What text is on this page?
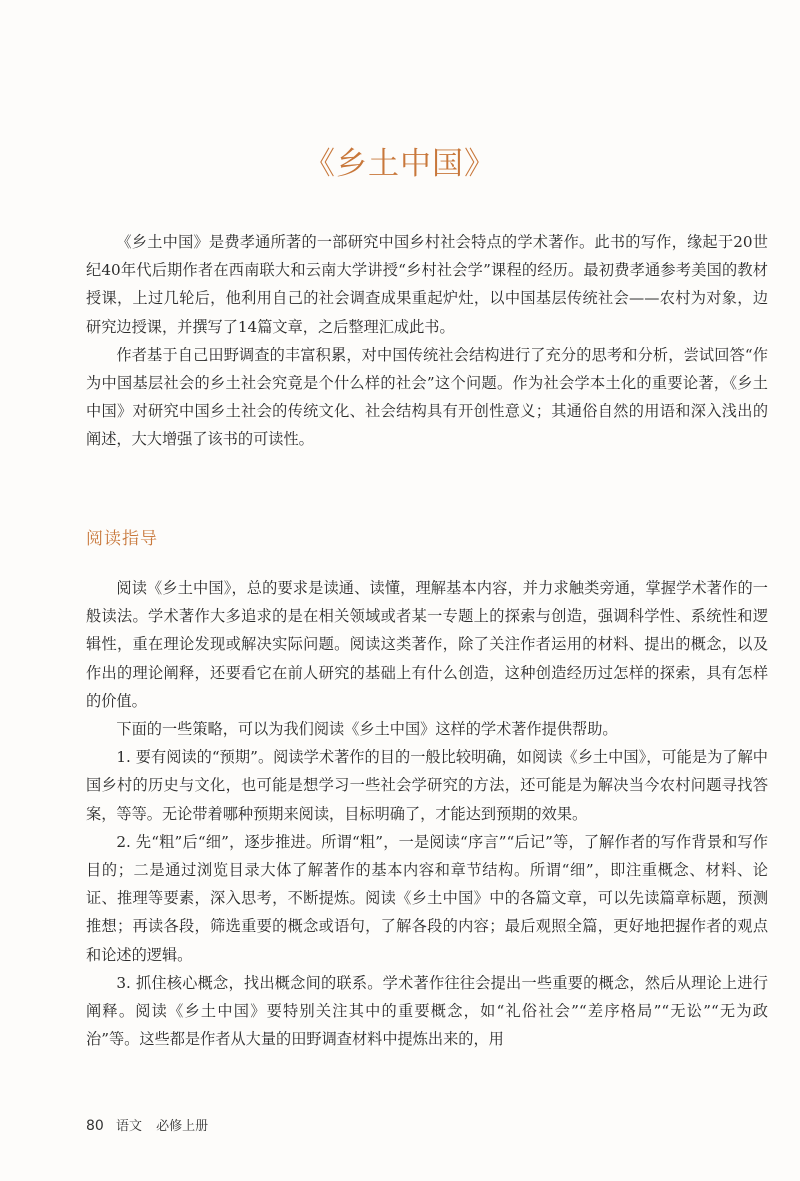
《乡土中国》

《乡土中国》是费孝通所著的一部研究中国乡村社会特点的学术著作。此书的写作，缘起于20世纪40年代后期作者在西南联大和云南大学讲授“乡村社会学”课程的经历。最初费孝通参考美国的教材授课，上过几轮后，他利用自己的社会调查成果重起炉灶，以中国基层传统社会——农村为对象，边研究边授课，并撰写了14篇文章，之后整理汇成此书。

作者基于自己田野调查的丰富积累，对中国传统社会结构进行了充分的思考和分析，尝试回答“作为中国基层社会的乡土社会究竟是个什么样的社会”这个问题。作为社会学本土化的重要论著，《乡土中国》对研究中国乡土社会的传统文化、社会结构具有开创性意义；其通俗自然的用语和深入浅出的阐述，大大增强了该书的可读性。

阅读指导

阅读《乡土中国》，总的要求是读通、读懂，理解基本内容，并力求触类旁通，掌握学术著作的一般读法。学术著作大多追求的是在相关领域或者某一专题上的探索与创造，强调科学性、系统性和逻辑性，重在理论发现或解决实际问题。阅读这类著作，除了关注作者运用的材料、提出的概念，以及作出的理论阐释，还要看它在前人研究的基础上有什么创造，这种创造经历过怎样的探索，具有怎样的价值。

下面的一些策略，可以为我们阅读《乡土中国》这样的学术著作提供帮助。

1. 要有阅读的“预期”。阅读学术著作的目的一般比较明确，如阅读《乡土中国》，可能是为了解中国乡村的历史与文化，也可能是想学习一些社会学研究的方法，还可能是为解决当今农村问题寻找答案，等等。无论带着哪种预期来阅读，目标明确了，才能达到预期的效果。

2. 先“粗”后“细”，逐步推进。所谓“粗”，一是阅读“序言”“后记”等，了解作者的写作背景和写作目的；二是通过浏览目录大体了解著作的基本内容和章节结构。所谓“细”，即注重概念、材料、论证、推理等要素，深入思考，不断提炼。阅读《乡土中国》中的各篇文章，可以先读篇章标题，预测推想；再读各段，筛选重要的概念或语句，了解各段的内容；最后观照全篇，更好地把握作者的观点和论述的逻辑。

3. 抓住核心概念，找出概念间的联系。学术著作往往会提出一些重要的概念，然后从理论上进行阐释。阅读《乡土中国》要特别关注其中的重要概念，如“礼俗社会”“差序格局”“无讼”“无为政治”等。这些都是作者从大量的田野调查材料中提炼出来的，用

80 语文 必修上册
